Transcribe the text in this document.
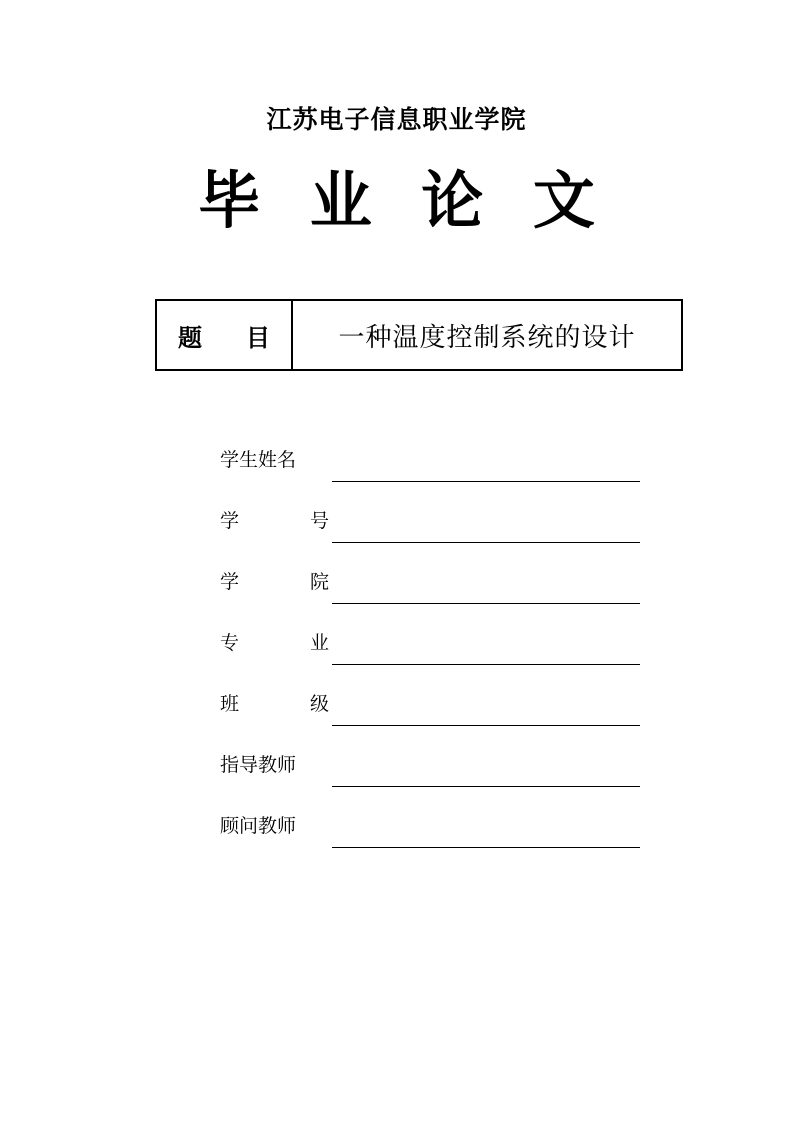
江苏电子信息职业学院
毕 业 论 文
题　目	一种温度控制系统的设计
学生姓名
学　号
学　院
专　业
班　级
指导教师
顾问教师
